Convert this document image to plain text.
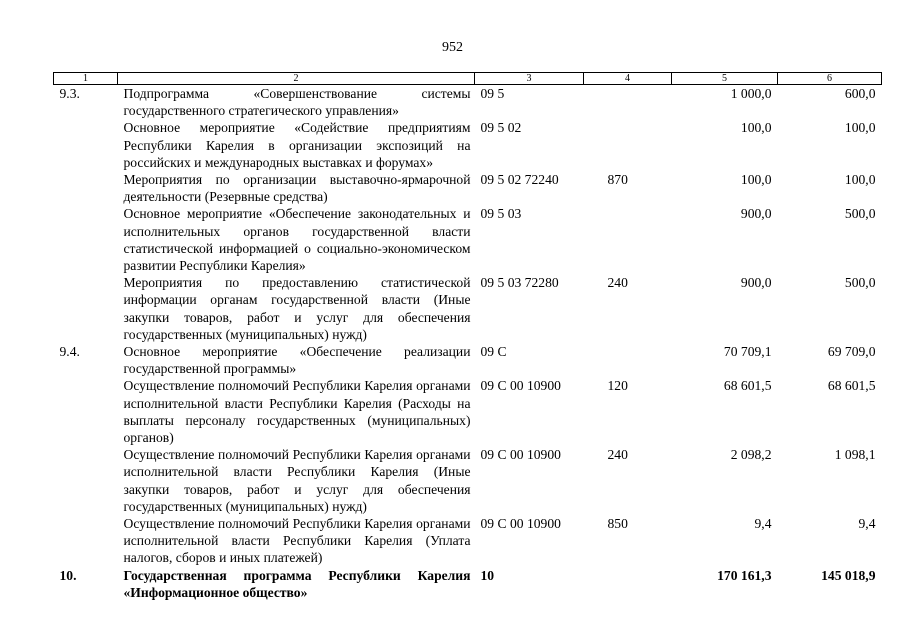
952
1	2	3	4	5	6
9.3.	Подпрограмма «Совершенствование системы государственного стратегического управления»	09 5		1 000,0	600,0
	Основное мероприятие «Содействие предприятиям Республики Карелия в организации экспозиций на российских и международных выставках и форумах»	09 5 02		100,0	100,0
	Мероприятия по организации выставочно-ярмарочной деятельности (Резервные средства)	09 5 02 72240	870	100,0	100,0
	Основное мероприятие «Обеспечение законодательных и исполнительных органов государственной власти статистической информацией о социально-экономическом развитии Республики Карелия»	09 5 03		900,0	500,0
	Мероприятия по предоставлению статистической информации органам государственной власти (Иные закупки товаров, работ и услуг для обеспечения государственных (муниципальных) нужд)	09 5 03 72280	240	900,0	500,0
9.4.	Основное мероприятие «Обеспечение реализации государственной программы»	09 С		70 709,1	69 709,0
	Осуществление полномочий Республики Карелия органами исполнительной власти Республики Карелия (Расходы на выплаты персоналу государственных (муниципальных) органов)	09 С 00 10900	120	68 601,5	68 601,5
	Осуществление полномочий Республики Карелия органами исполнительной власти Республики Карелия (Иные закупки товаров, работ и услуг для обеспечения государственных (муниципальных) нужд)	09 С 00 10900	240	2 098,2	1 098,1
	Осуществление полномочий Республики Карелия органами исполнительной власти Республики Карелия (Уплата налогов, сборов и иных платежей)	09 С 00 10900	850	9,4	9,4
10.	Государственная программа Республики Карелия «Информационное общество»	10		170 161,3	145 018,9
